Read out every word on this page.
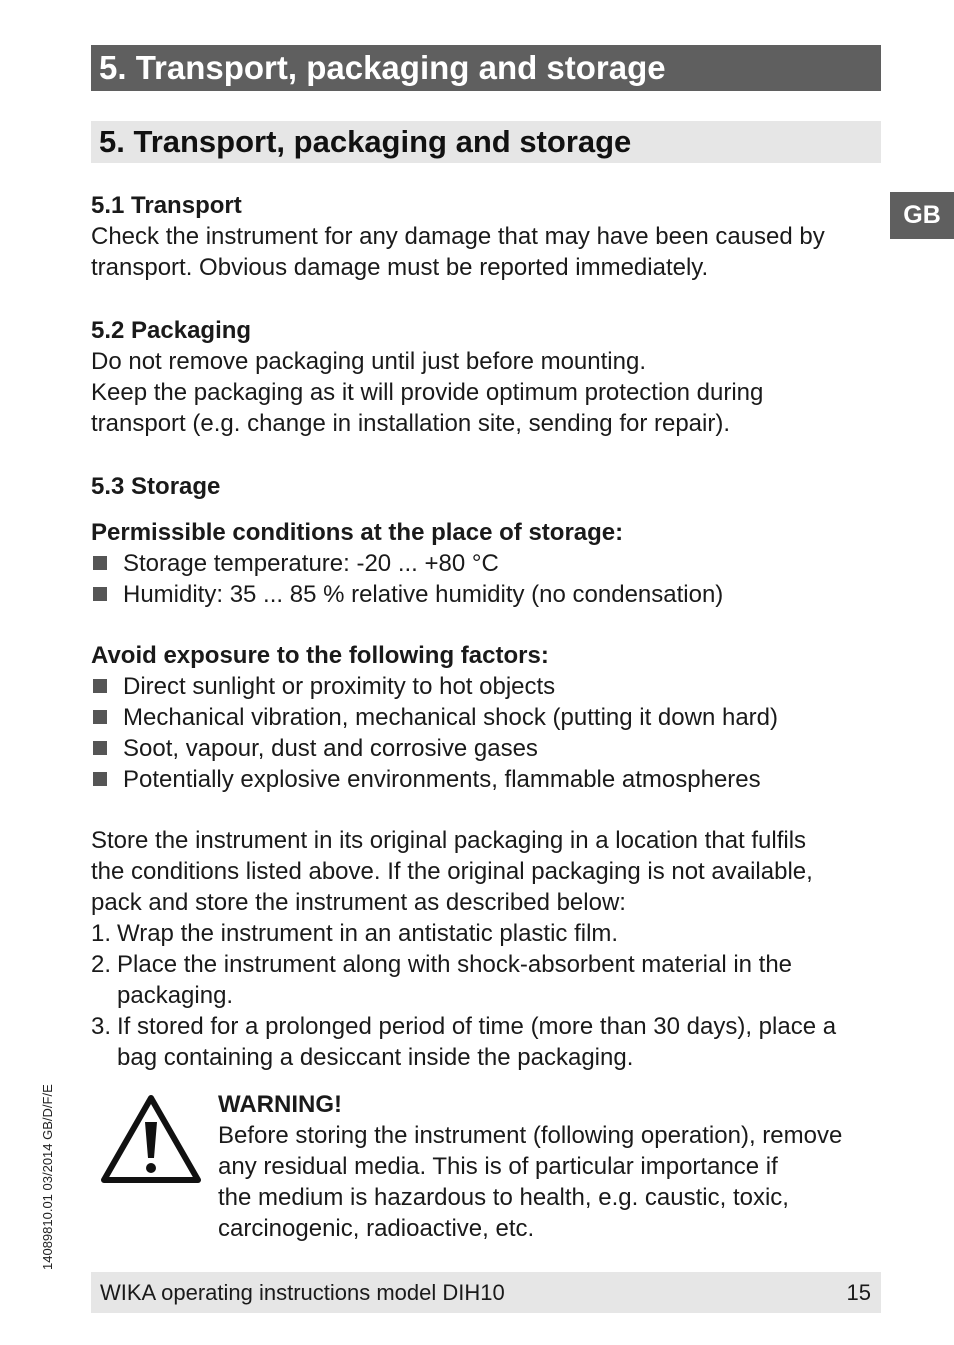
5. Transport, packaging and storage
5. Transport, packaging and storage
GB

5.1 Transport

Check the instrument for any damage that may have been caused by

transport. Obvious damage must be reported immediately.

5.2 Packaging

Do not remove packaging until just before mounting.

Keep the packaging as it will provide optimum protection during

transport (e.g. change in installation site, sending for repair).

5.3 Storage

Permissible conditions at the place of storage:

Storage temperature: -20 ... +80 °C
Humidity: 35 ... 85 % relative humidity (no condensation)

Avoid exposure to the following factors:

Direct sunlight or proximity to hot objects
Mechanical vibration, mechanical shock (putting it down hard)
Soot, vapour, dust and corrosive gases
Potentially explosive environments, flammable atmospheres

Store the instrument in its original packaging in a location that fulfils

the conditions listed above. If the original packaging is not available,

pack and store the instrument as described below:

1. Wrap the instrument in an antistatic plastic film.
2. Place the instrument along with shock-absorbent material in the
packaging.
3. If stored for a prolonged period of time (more than 30 days), place a
bag containing a desiccant inside the packaging.
WARNING!
Before storing the instrument (following operation), remove
any residual media. This is of particular importance if
the medium is hazardous to health, e.g. caustic, toxic,
carcinogenic, radioactive, etc.
14089810.01 03/2014 GB/D/F/E
WIKA operating instructions model DIH10	15
